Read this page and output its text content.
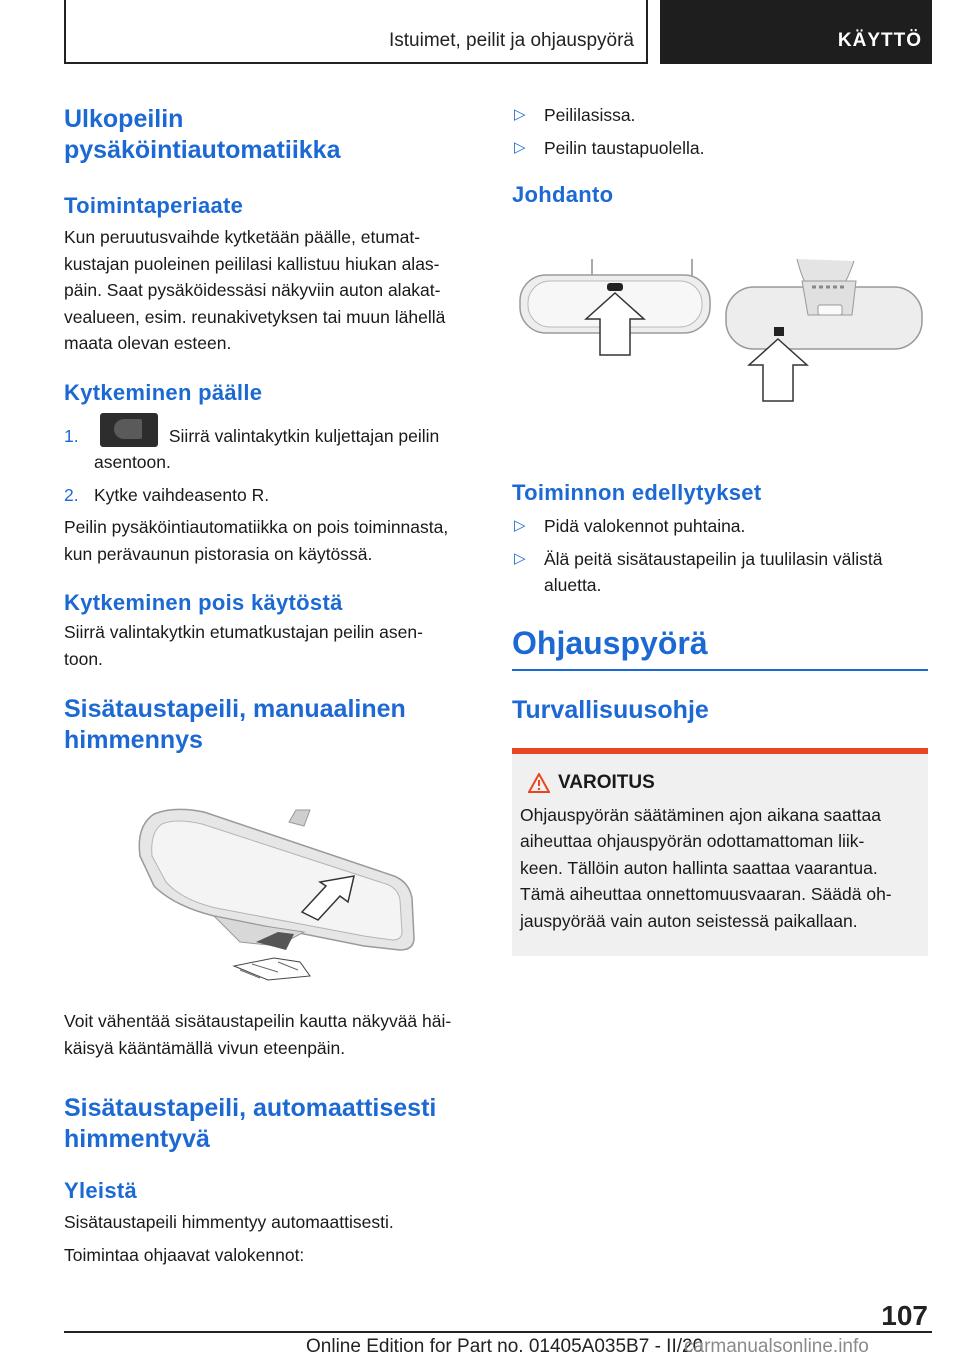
Istuimet, peilit ja ohjauspyörä	KÄYTTÖ

Ulkopeilin

pysäköintiautomatiikka

Toimintaperiaate

Kun peruutusvaihde kytketään päälle, etumat-

kustajan puoleinen peililasi kallistuu hiukan alas-

päin. Saat pysäköidessäsi näkyviin auton alakat-

vealueen, esim. reunakivetyksen tai muun lähellä

maata olevan esteen.

Kytkeminen päälle

1.	Siirrä valintakytkin kuljettajan peilin

asentoon.

2. Kytke vaihdeasento R.

Peilin pysäköintiautomatiikka on pois toiminnasta,

kun perävaunun pistorasia on käytössä.

Kytkeminen pois käytöstä

Siirrä valintakytkin etumatkustajan peilin asen-

toon.

Sisätaustapeili, manuaalinen

himmennys

Voit vähentää sisätaustapeilin kautta näkyvää häi-

käisyä kääntämällä vivun eteenpäin.

Sisätaustapeili, automaattisesti

himmentyvä

Yleistä

Sisätaustapeili himmentyy automaattisesti.

Toimintaa ohjaavat valokennot:

▷	Peililasissa.
▷	Peilin taustapuolella.

Johdanto

Toiminnon edellytykset

▷	Pidä valokennot puhtaina.
▷	Älä peitä sisätaustapeilin ja tuulilasin välistä
aluetta.

Ohjauspyörä

Turvallisuusohje

VAROITUS

Ohjauspyörän säätäminen ajon aikana saattaa

aiheuttaa ohjauspyörän odottamattoman liik-

keen. Tällöin auton hallinta saattaa vaarantua.

Tämä aiheuttaa onnettomuusvaaran. Säädä oh-

jauspyörää vain auton seistessä paikallaan.

107
Online Edition for Part no. 01405A035B7 - II/20
carmanualsonline.info
